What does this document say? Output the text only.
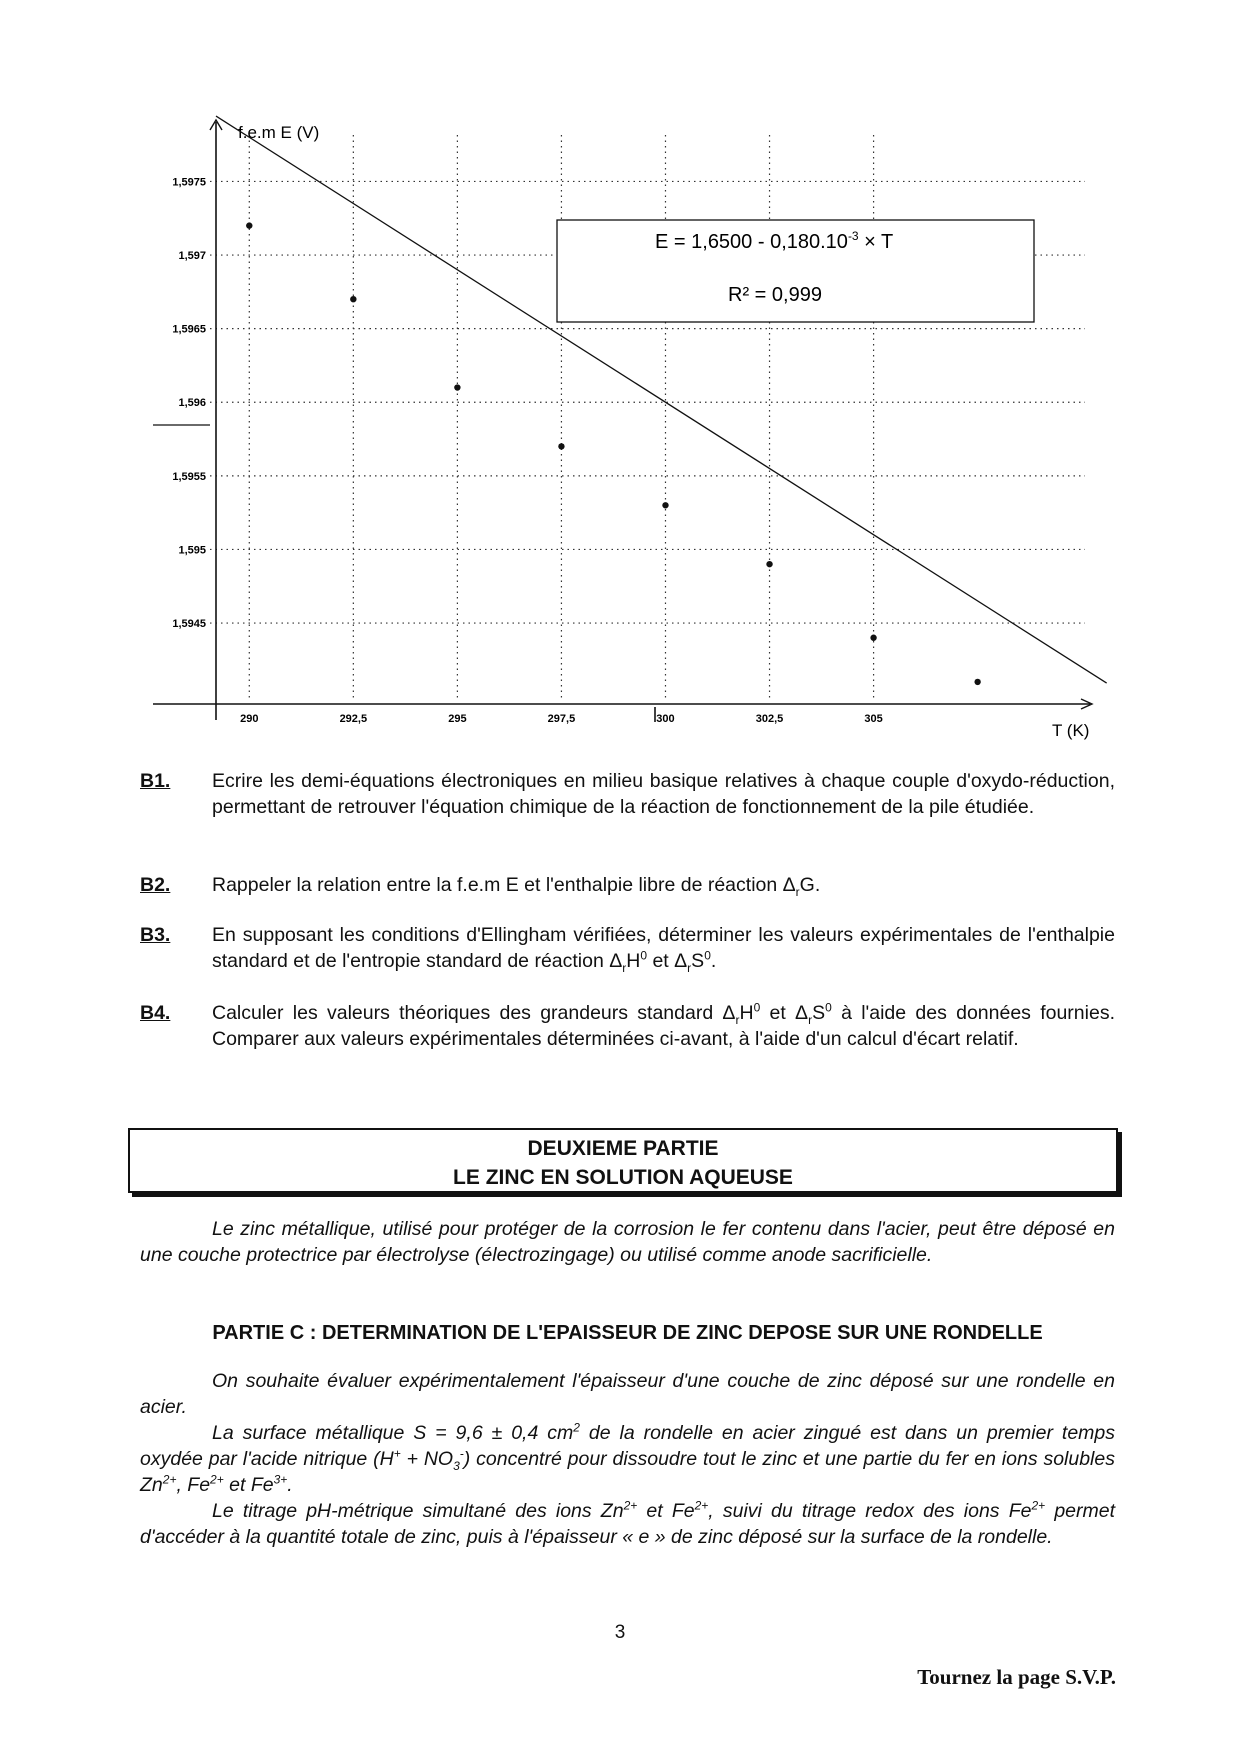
f.e.m E (V)
T (K)
1,5975
1,597
1,5965
1,596
1,5955
1,595
1,5945
290	292,5	295	297,5	300	302,5	305
$E = 1,6500 - 0,180.10^{-3} \times T$
R² = 0,999
B1. Ecrire les demi-équations électroniques en milieu basique relatives à chaque couple d'oxydo-réduction, permettant de retrouver l'équation chimique de la réaction de fonctionnement de la pile étudiée.
B2. Rappeler la relation entre la f.e.m E et l'enthalpie libre de réaction $\Delta_rG$.
B3. En supposant les conditions d'Ellingham vérifiées, déterminer les valeurs expérimentales de l'enthalpie standard et de l'entropie standard de réaction $\Delta_rH^0$ et $\Delta_rS^0$.
B4. Calculer les valeurs théoriques des grandeurs standard $\Delta_rH^0$ et $\Delta_rS^0$ à l'aide des données fournies. Comparer aux valeurs expérimentales déterminées ci-avant, à l'aide d'un calcul d'écart relatif.
DEUXIEME PARTIE
LE ZINC EN SOLUTION AQUEUSE
Le zinc métallique, utilisé pour protéger de la corrosion le fer contenu dans l'acier, peut être déposé en une couche protectrice par électrolyse (électrozingage) ou utilisé comme anode sacrificielle.
PARTIE C : DETERMINATION DE L'EPAISSEUR DE ZINC DEPOSE SUR UNE RONDELLE
On souhaite évaluer expérimentalement l'épaisseur d'une couche de zinc déposé sur une rondelle en acier.
La surface métallique S = 9,6 ± 0,4 $cm^2$ de la rondelle en acier zingué est dans un premier temps oxydée par l'acide nitrique $(H^+ + NO_3^-)$ concentré pour dissoudre tout le zinc et une partie du fer en ions solubles $Zn^{2+}$, $Fe^{2+}$ et $Fe^{3+}$.
Le titrage pH-métrique simultané des ions $Zn^{2+}$ et $Fe^{2+}$, suivi du titrage redox des ions $Fe^{2+}$ permet d'accéder à la quantité totale de zinc, puis à l'épaisseur « e » de zinc déposé sur la surface de la rondelle.
3
Tournez la page S.V.P.
